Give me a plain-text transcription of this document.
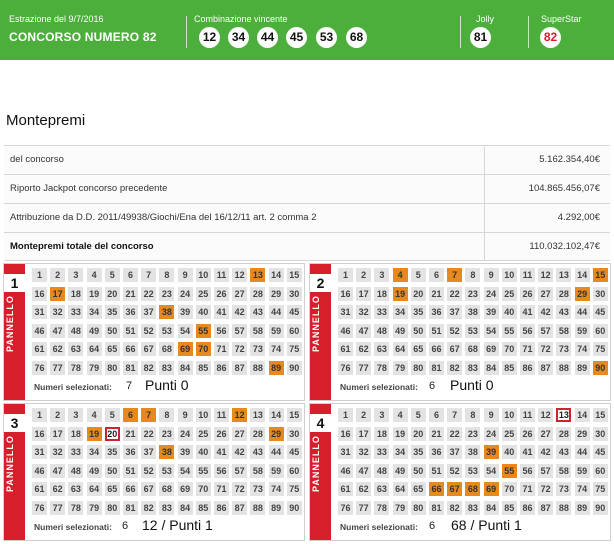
Estrazione del 9/7/2016
CONCORSO NUMERO 82
Combinazione vincente
12	34	44	45	53	68
Jolly
81
SuperStar
82
Montepremi
del concorso	5.162.354,40€
Riporto Jackpot concorso precedente	104.865.456,07€
Attribuzione da D.D. 2011/49938/Giochi/Ena del 16/12/11 art. 2 comma 2	4.292,00€
Montepremi totale del concorso	110.032.102,47€
1
PANNELLO
1	2	3	4	5	6	7	8	9	10 11 12 13 14 15
16 17 18 19 20 21 22 23 24 25 26 27 28 29 30
31 32 33 34 35 36 37 38 39 40 41 42 43 44 45
46 47 48 49 50 51 52 53 54 55 56 57 58 59 60
61 62 63 64 65 66 67 68 69 70 71 72 73 74 75
76 77 78 79 80 81 82 83 84 85 86 87 88 89 90
Numeri selezionati: 7 Punti 0
2
PANNELLO
1	2	3	4	5	6	7	8	9	10 11 12 13 14 15
16 17 18 19 20 21 22 23 24 25 26 27 28 29 30
31 32 33 34 35 36 37 38 39 40 41 42 43 44 45
46 47 48 49 50 51 52 53 54 55 56 57 58 59 60
61 62 63 64 65 66 67 68 69 70 71 72 73 74 75
76 77 78 79 80 81 82 83 84 85 86 87 88 89 90
Numeri selezionati: 6 Punti 0
3
PANNELLO
1	2	3	4	5	6	7	8	9	10 11 12 13 14 15
16 17 18 19 20 21 22 23 24 25 26 27 28 29 30
31 32 33 34 35 36 37 38 39 40 41 42 43 44 45
46 47 48 49 50 51 52 53 54 55 56 57 58 59 60
61 62 63 64 65 66 67 68 69 70 71 72 73 74 75
76 77 78 79 80 81 82 83 84 85 86 87 88 89 90
Numeri selezionati: 6 12 / Punti 1
4
PANNELLO
1	2	3	4	5	6	7	8	9	10 11 12 13 14 15
16 17 18 19 20 21 22 23 24 25 26 27 28 29 30
31 32 33 34 35 36 37 38 39 40 41 42 43 44 45
46 47 48 49 50 51 52 53 54 55 56 57 58 59 60
61 62 63 64 65 66 67 68 69 70 71 72 73 74 75
76 77 78 79 80 81 82 83 84 85 86 87 88 89 90
Numeri selezionati: 6 68 / Punti 1
